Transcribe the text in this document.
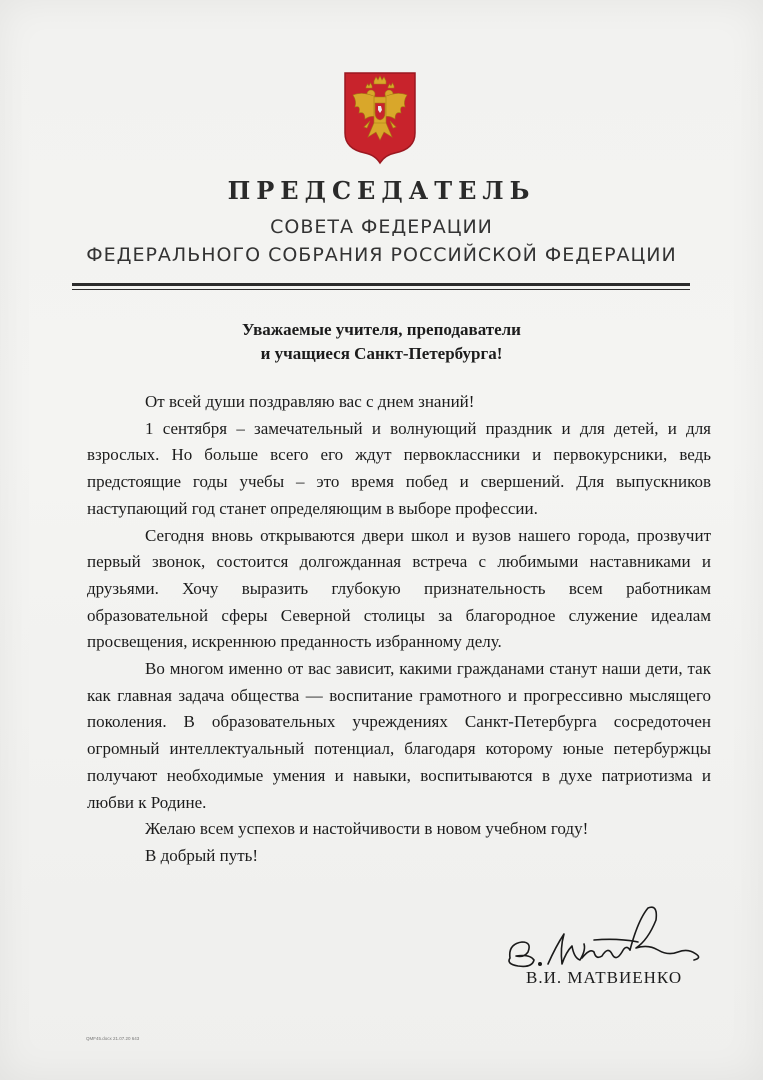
ПРЕДСЕДАТЕЛЬ

СОВЕТА ФЕДЕРАЦИИ

ФЕДЕРАЛЬНОГО СОБРАНИЯ РОССИЙСКОЙ ФЕДЕРАЦИИ

Уважаемые учителя, преподаватели

и учащиеся Санкт-Петербурга!

От всей души поздравляю вас с днем знаний!

1 сентября – замечательный и волнующий праздник и для детей, и для взрослых. Но больше всего его ждут первоклассники и первокурсники, ведь предстоящие годы учебы – это время побед и свершений. Для выпускников наступающий год станет определяющим в выборе профессии.

Сегодня вновь открываются двери школ и вузов нашего города, прозвучит первый звонок, состоится долгожданная встреча с любимыми наставниками и друзьями. Хочу выразить глубокую признательность всем работникам образовательной сферы Северной столицы за благородное служение идеалам просвещения, искреннюю преданность избранному делу.

Во многом именно от вас зависит, какими гражданами станут наши дети, так как главная задача общества — воспитание грамотного и прогрессивно мыслящего поколения. В образовательных учреждениях Санкт-Петербурга сосредоточен огромный интеллектуальный потенциал, благодаря которому юные петербуржцы получают необходимые умения и навыки, воспитываются в духе патриотизма и любви к Родине.

Желаю всем успехов и настойчивости в новом учебном году!

В добрый путь!

В.И. МАТВИЕНКО

QMF45.docx 21.07.20 643
